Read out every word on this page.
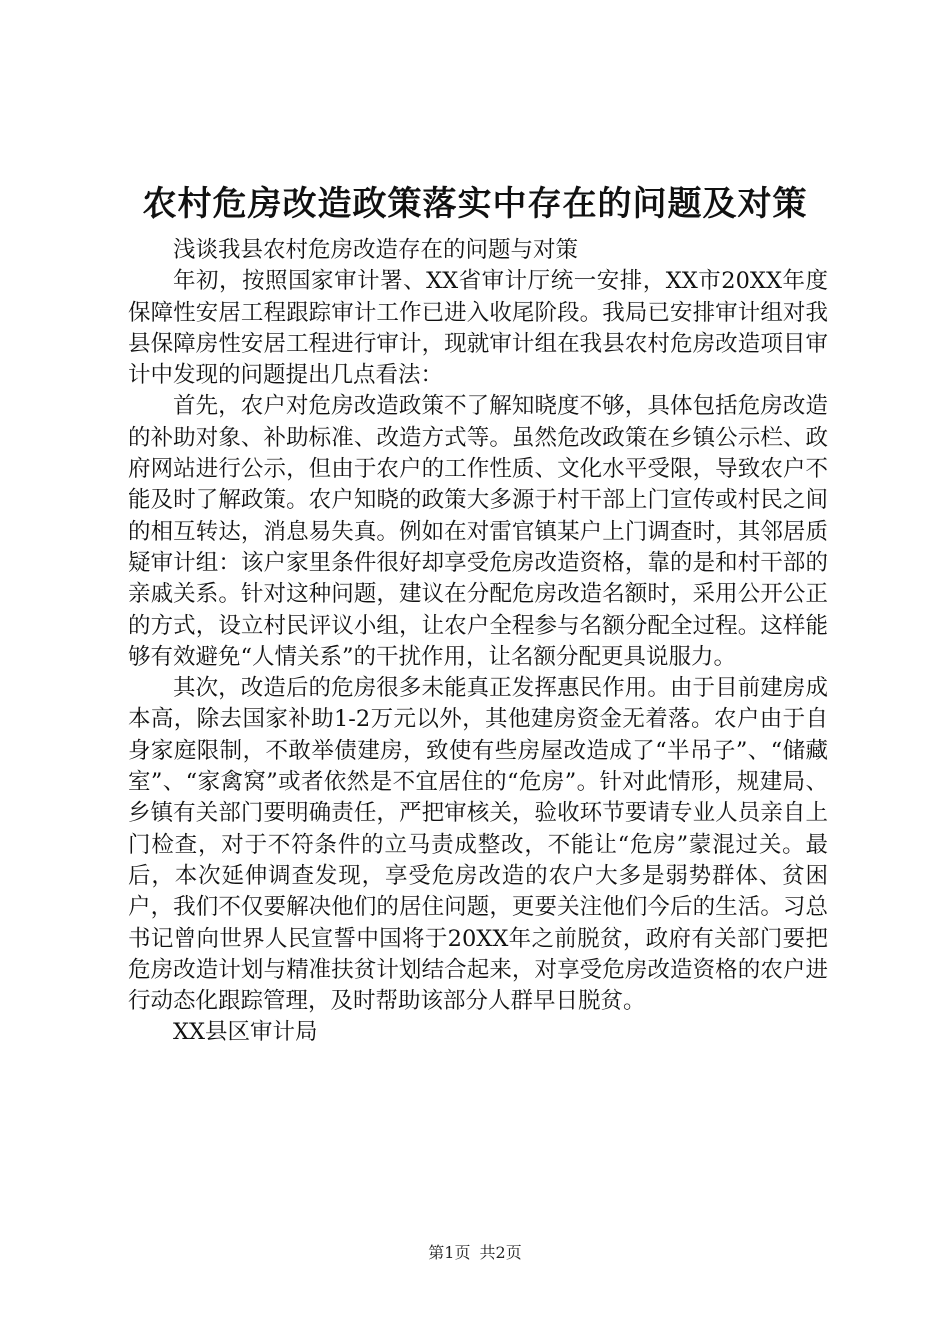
农村危房改造政策落实中存在的问题及对策

浅谈我县农村危房改造存在的问题与对策

年初，按照国家审计署、XX省审计厅统一安排，XX市20XX年度保障性安居工程跟踪审计工作已进入收尾阶段。我局已安排审计组对我县保障房性安居工程进行审计，现就审计组在我县农村危房改造项目审计中发现的问题提出几点看法：

首先，农户对危房改造政策不了解知晓度不够，具体包括危房改造的补助对象、补助标准、改造方式等。虽然危改政策在乡镇公示栏、政府网站进行公示，但由于农户的工作性质、文化水平受限，导致农户不能及时了解政策。农户知晓的政策大多源于村干部上门宣传或村民之间的相互转达，消息易失真。例如在对雷官镇某户上门调查时，其邻居质疑审计组：该户家里条件很好却享受危房改造资格，靠的是和村干部的亲戚关系。针对这种问题，建议在分配危房改造名额时，采用公开公正的方式，设立村民评议小组，让农户全程参与名额分配全过程。这样能够有效避免“人情关系”的干扰作用，让名额分配更具说服力。

其次，改造后的危房很多未能真正发挥惠民作用。由于目前建房成本高，除去国家补助1-2万元以外，其他建房资金无着落。农户由于自身家庭限制，不敢举债建房，致使有些房屋改造成了“半吊子”、“储藏室”、“家禽窝”或者依然是不宜居住的“危房”。针对此情形，规建局、乡镇有关部门要明确责任，严把审核关，验收环节要请专业人员亲自上门检查，对于不符条件的立马责成整改，不能让“危房”蒙混过关。最后，本次延伸调查发现，享受危房改造的农户大多是弱势群体、贫困户，我们不仅要解决他们的居住问题，更要关注他们今后的生活。习总书记曾向世界人民宣誓中国将于20XX年之前脱贫，政府有关部门要把危房改造计划与精准扶贫计划结合起来，对享受危房改造资格的农户进行动态化跟踪管理，及时帮助该部分人群早日脱贫。

XX县区审计局

第1页 共2页
